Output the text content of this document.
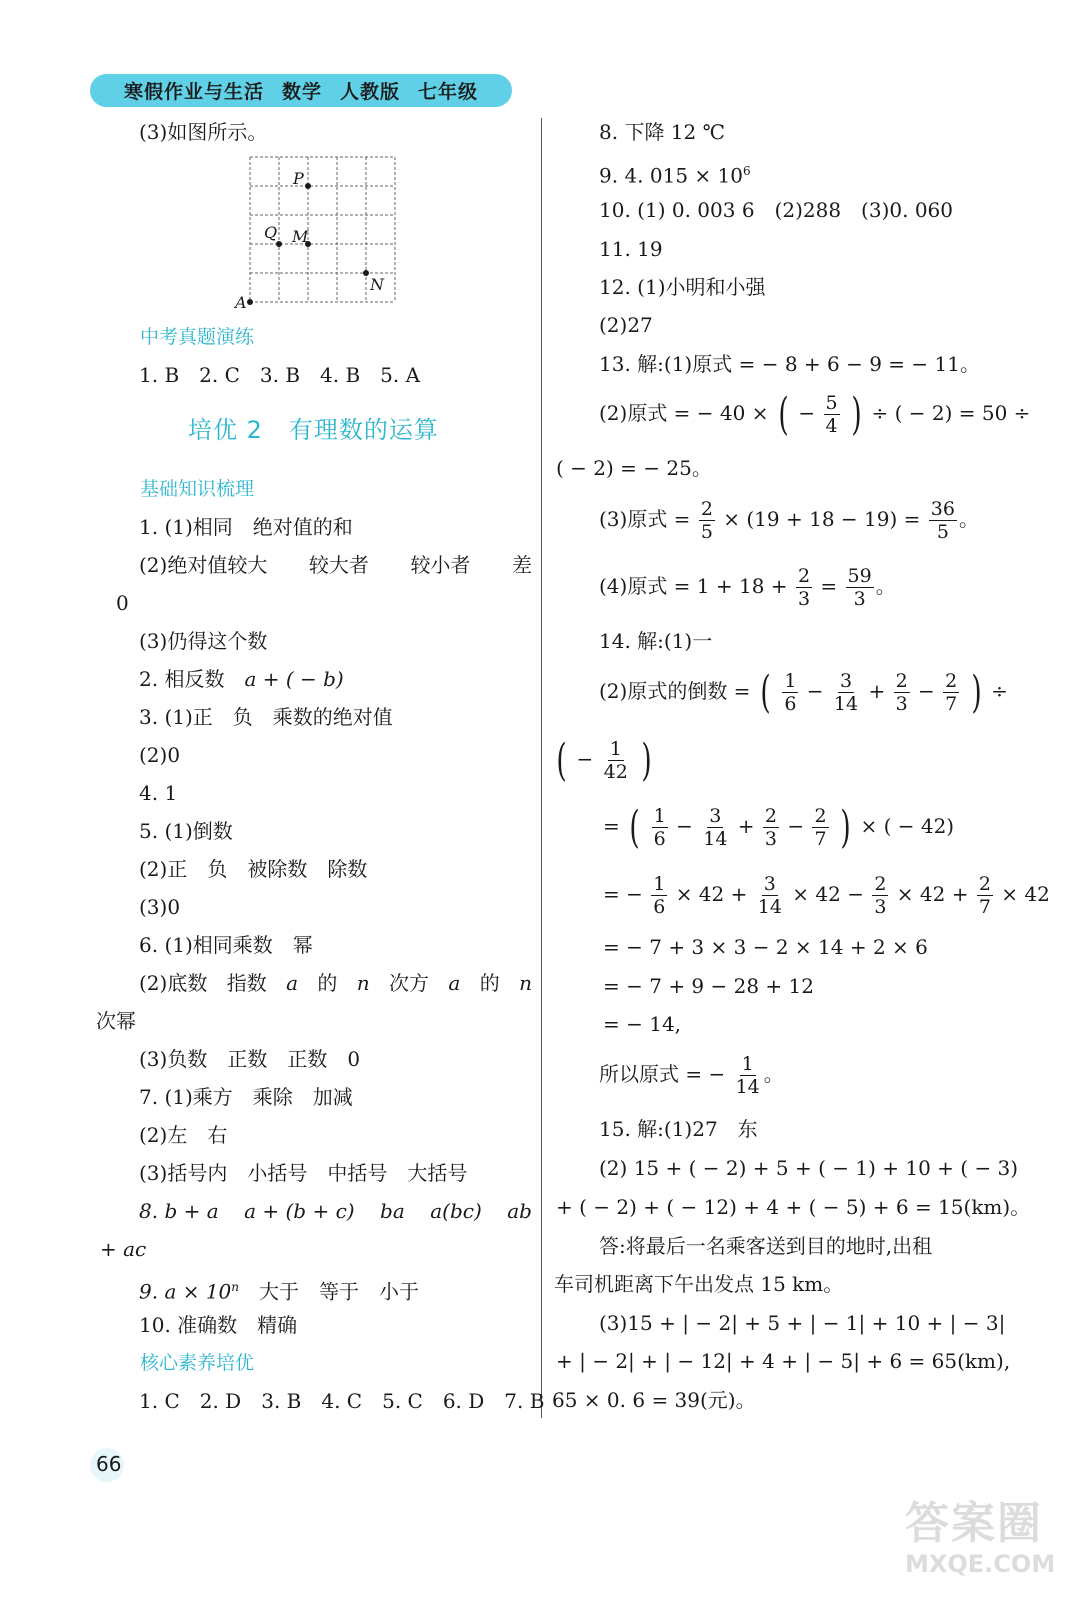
寒假作业与生活 数学 人教版 七年级
(3)如图所示。
P
Q M
N
A
中考真题演练
1. B　2. C　3. B　4. B　5. A
培优 2 有理数的运算
基础知识梳理
1. (1)相同　绝对值的和
(2)绝对值较大 较大者 较小者 差
0
(3)仍得这个数
2. 相反数　a + ( − b)
3. (1)正　负　乘数的绝对值
(2)0
4. 1
5. (1)倒数
(2)正　负　被除数　除数
(3)0
6. (1)相同乘数　幂
(2)底数 指数 a 的 n 次方 a 的 n
次幂
(3)负数　正数　正数　0
7. (1)乘方　乘除　加减
(2)左　右
(3)括号内　小括号　中括号　大括号
8. b + a a + (b + c) ba a(bc) ab
+ ac
9. $a \times 10^n$　大于　等于　小于
10. 准确数　精确
核心素养培优
1. C　2. D　3. B　4. C　5. C　6. D　7. B
8. 下降 12 ℃
9. 4. $015 \times 10^6$
10. (1) 0. 003 6　(2)288　(3)0. 060
11. 19
12. (1)小明和小强
(2)27
13. 解:(1)原式 = − 8 + 6 − 9 = − 11。
(2)原式 = − 40 × ( − $\frac{5}{4}$ ) ÷ ( − 2) = 50 ÷
( − 2) = − 25。
(3)原式 = $\frac{2}{5} \times (19 + 18 - 19) = \frac{36}{5}$ 。
(4)原式 = $1 + 18 + \frac{2}{3} = \frac{59}{3}$ 。
14. 解:(1)一
(2)原式的倒数 = ( $\frac{1}{6} - \frac{3}{14} + \frac{2}{3} - \frac{2}{7}$ ) ÷
( − $\frac{1}{42}$ )
= ( $\frac{1}{6} - \frac{3}{14} + \frac{2}{3} - \frac{2}{7}$ ) × ( − 42)
= − $\frac{1}{6} \times 42 + \frac{3}{14} \times 42 - \frac{2}{3} \times 42 + \frac{2}{7} \times 42$
= − 7 + 3 × 3 − 2 × 14 + 2 × 6
= − 7 + 9 − 28 + 12
= − 14,
所以原式 = − $\frac{1}{14}$ 。
15. 解:(1)27　东
(2) 15 + ( − 2) + 5 + ( − 1) + 10 + ( − 3)
+ ( − 2) + ( − 12) + 4 + ( − 5) + 6 = 15(km)。
答:将最后一名乘客送到目的地时,出租
车司机距离下午出发点 15 km。
(3)15 + | − 2| + 5 + | − 1| + 10 + | − 3|
+ | − 2| + | − 12| + 4 + | − 5| + 6 = 65(km),
65 × 0. 6 = 39(元)。
66
答案圈
MXQE.COM
